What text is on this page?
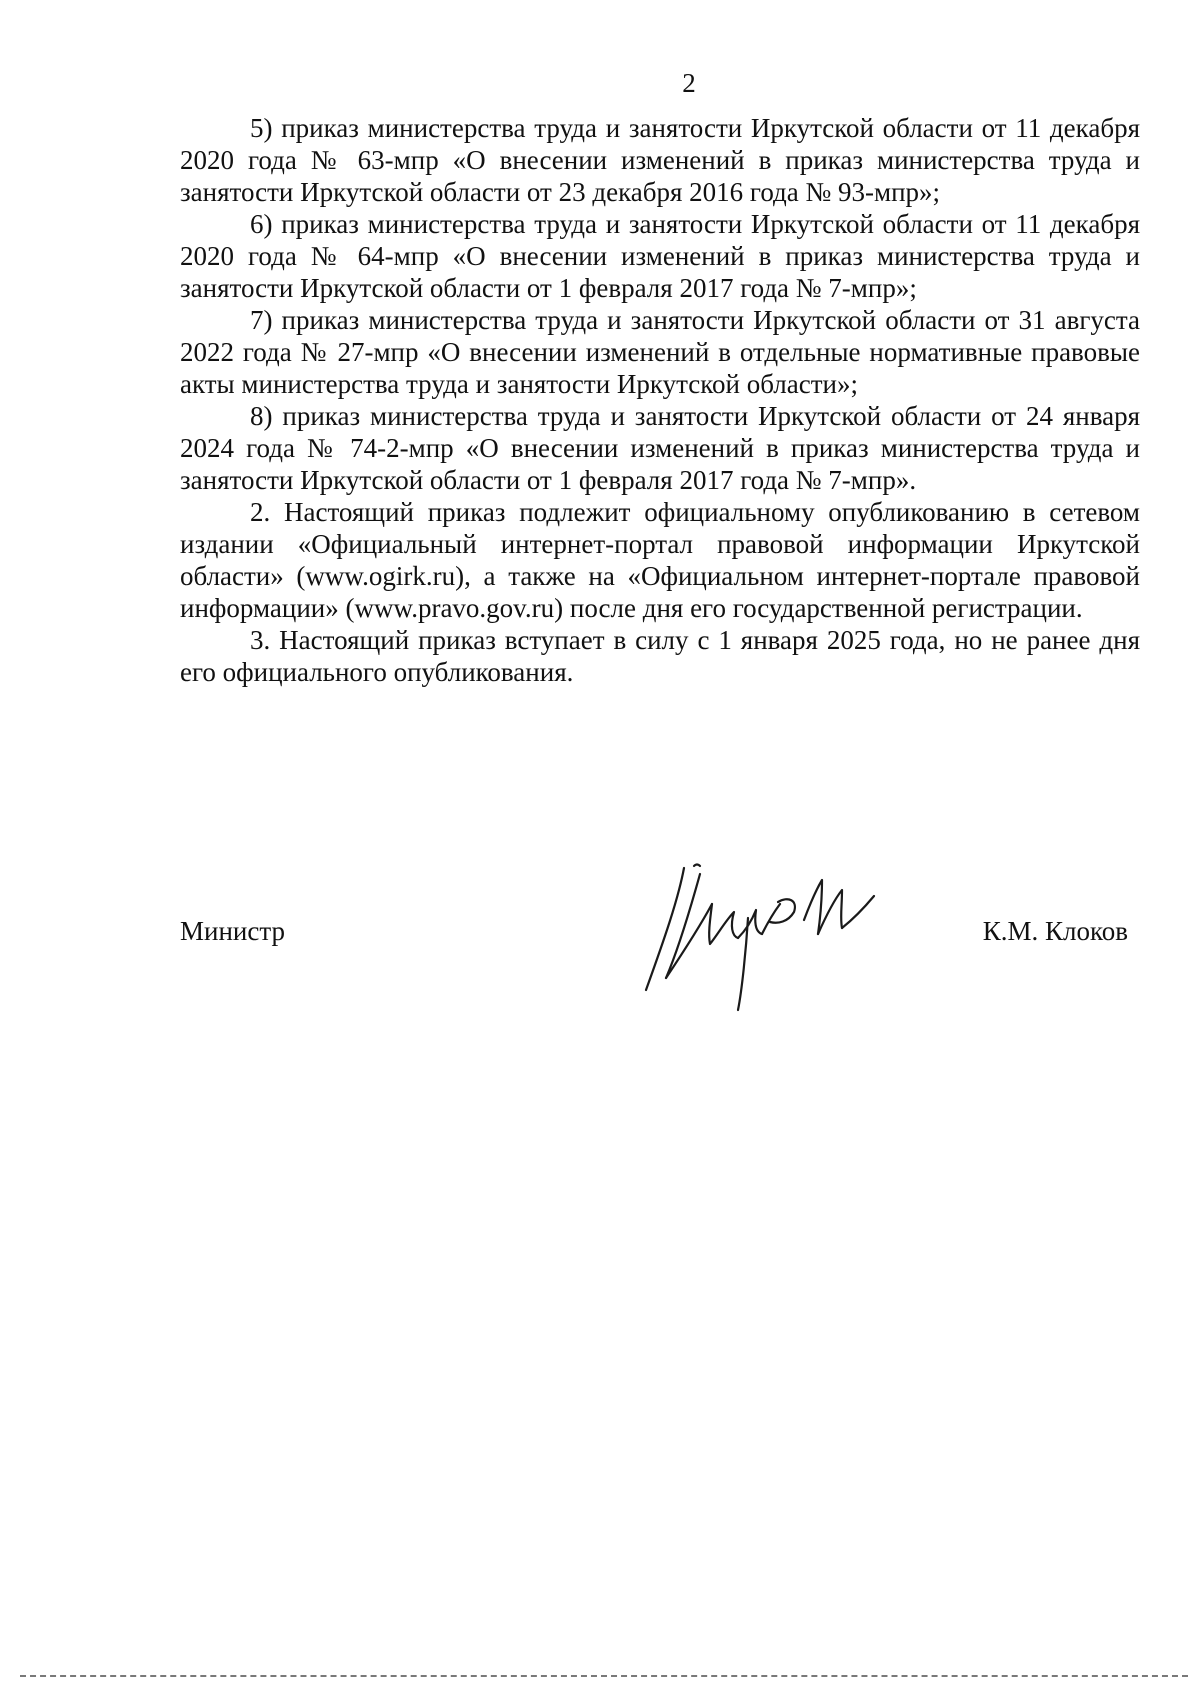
2

5) приказ министерства труда и занятости Иркутской области от 11 декабря 2020 года № 63-мпр «О внесении изменений в приказ министерства труда и занятости Иркутской области от 23 декабря 2016 года № 93-мпр»;

6) приказ министерства труда и занятости Иркутской области от 11 декабря 2020 года № 64-мпр «О внесении изменений в приказ министерства труда и занятости Иркутской области от 1 февраля 2017 года № 7-мпр»;

7) приказ министерства труда и занятости Иркутской области от 31 августа 2022 года № 27-мпр «О внесении изменений в отдельные нормативные правовые акты министерства труда и занятости Иркутской области»;

8) приказ министерства труда и занятости Иркутской области от 24 января 2024 года № 74-2-мпр «О внесении изменений в приказ министерства труда и занятости Иркутской области от 1 февраля 2017 года № 7-мпр».

2. Настоящий приказ подлежит официальному опубликованию в сетевом издании «Официальный интернет-портал правовой информации Иркутской области» (www.ogirk.ru), а также на «Официальном интернет-портале правовой информации» (www.pravo.gov.ru) после дня его государственной регистрации.

3. Настоящий приказ вступает в силу с 1 января 2025 года, но не ранее дня его официального опубликования.

Министр	К.М. Клоков
